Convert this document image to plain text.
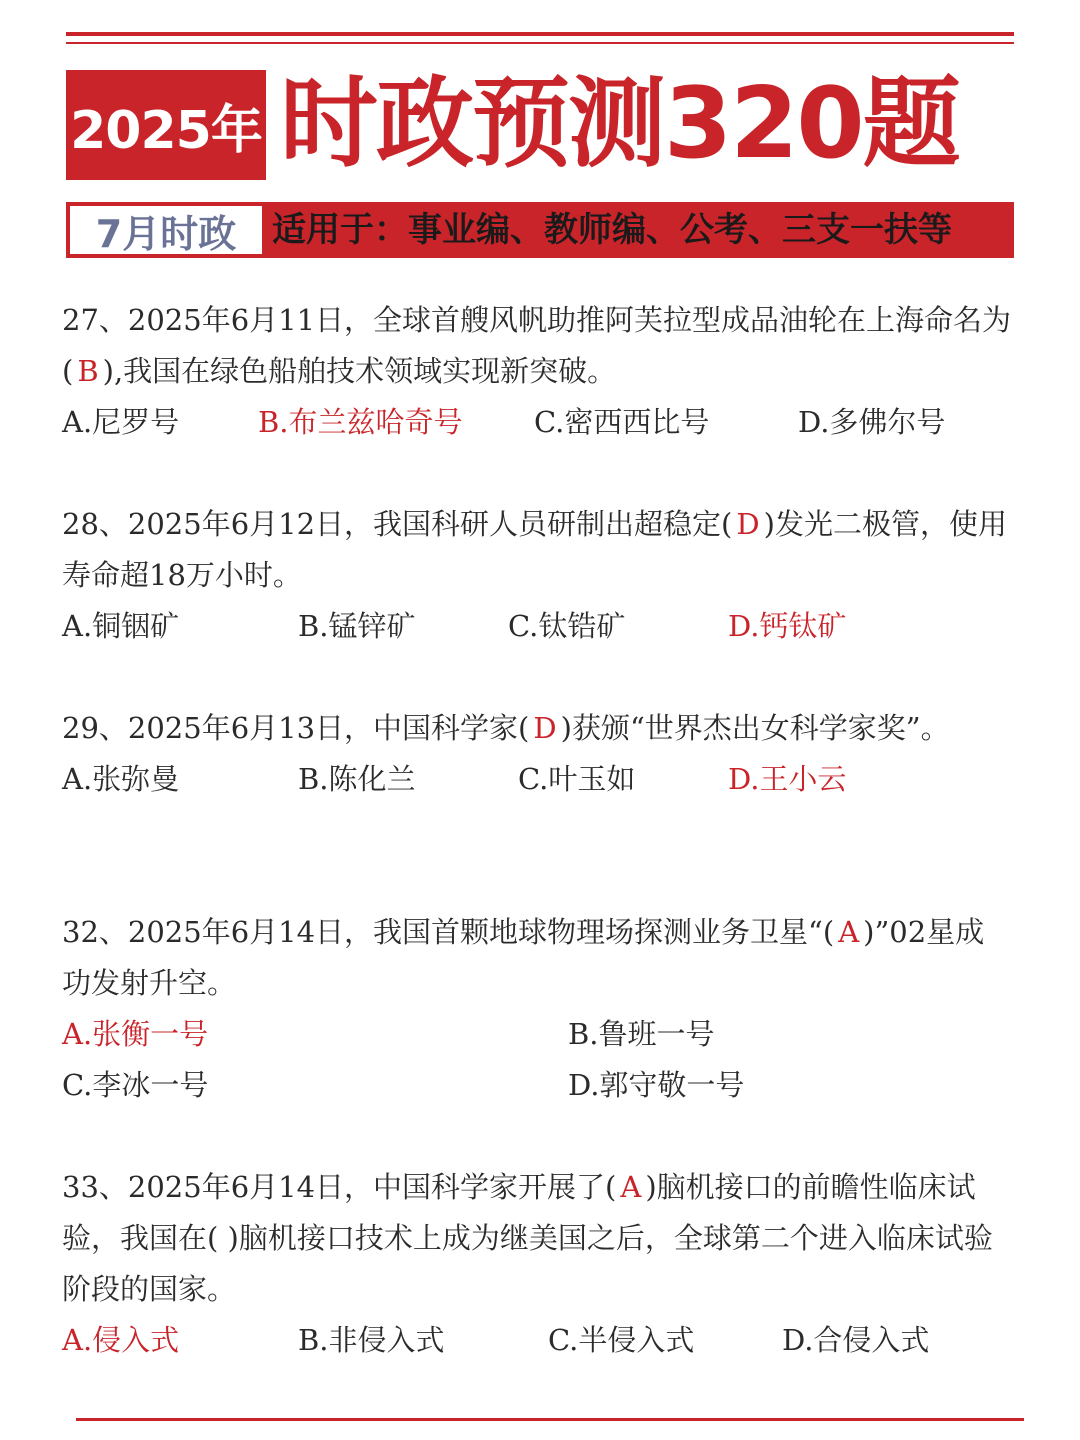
2025年 时政预测320题
7月时政	适用于：事业编、教师编、公考、三支一扶等
27、2025年6月11日，全球首艘风帆助推阿芙拉型成品油轮在上海命名为( B ),我国在绿色船舶技术领域实现新突破。
A.尼罗号	B.布兰兹哈奇号 C.密西西比号	D.多佛尔号
28、2025年6月12日，我国科研人员研制出超稳定( D )发光二极管，使用寿命超18万小时。
A.铜铟矿	B.锰锌矿	C.钛锆矿	D.钙钛矿
29、2025年6月13日，中国科学家( D )获颁“世界杰出女科学家奖”。
A.张弥曼	B.陈化兰	C.叶玉如	D.王小云
32、2025年6月14日，我国首颗地球物理场探测业务卫星“( A )”02星成功发射升空。
A.张衡一号	B.鲁班一号
C.李冰一号	D.郭守敬一号
33、2025年6月14日，中国科学家开展了( A )脑机接口的前瞻性临床试验，我国在( )脑机接口技术上成为继美国之后，全球第二个进入临床试验阶段的国家。
A.侵入式	B.非侵入式	C.半侵入式	D.合侵入式
